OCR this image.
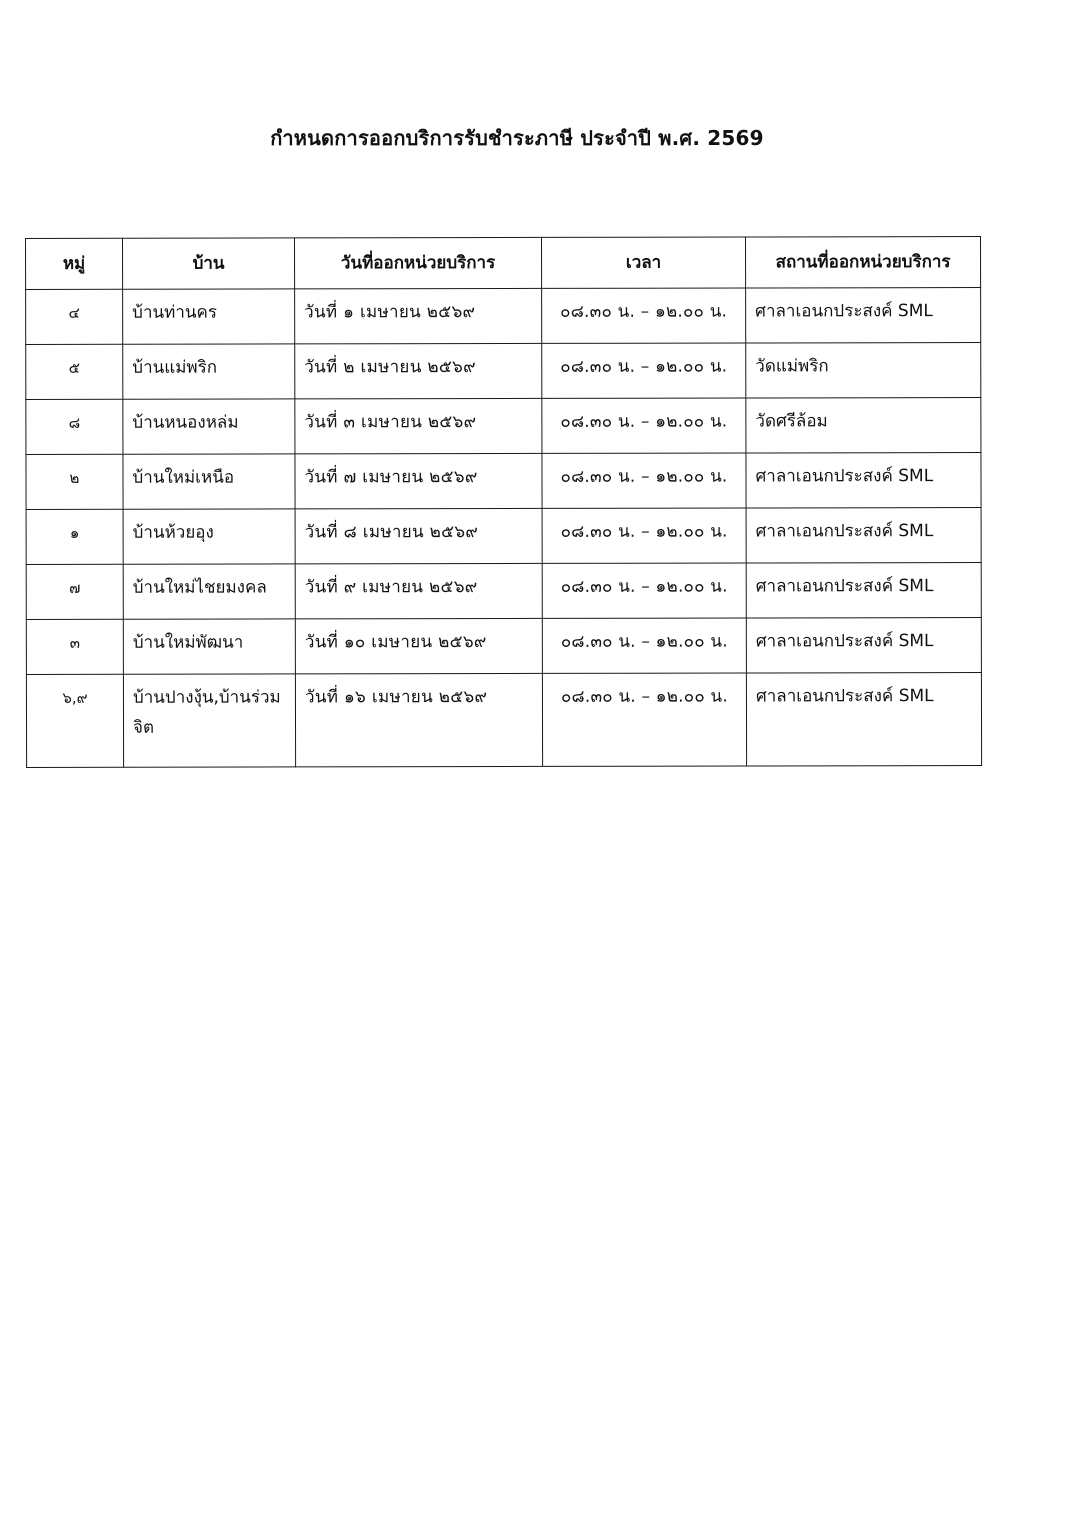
กำหนดการออกบริการรับชำระภาษี ประจำปี พ.ศ. 2569
หมู่	บ้าน	วันที่ออกหน่วยบริการ	เวลา	สถานที่ออกหน่วยบริการ
๔	บ้านท่านคร	วันที่ ๑ เมษายน ๒๕๖๙	๐๘.๓๐ น. – ๑๒.๐๐ น.	ศาลาเอนกประสงค์ SML
๕	บ้านแม่พริก	วันที่ ๒ เมษายน ๒๕๖๙	๐๘.๓๐ น. – ๑๒.๐๐ น.	วัดแม่พริก
๘	บ้านหนองหล่ม	วันที่ ๓ เมษายน ๒๕๖๙	๐๘.๓๐ น. – ๑๒.๐๐ น.	วัดศรีล้อม
๒	บ้านใหม่เหนือ	วันที่ ๗ เมษายน ๒๕๖๙	๐๘.๓๐ น. – ๑๒.๐๐ น.	ศาลาเอนกประสงค์ SML
๑	บ้านห้วยอุง	วันที่ ๘ เมษายน ๒๕๖๙	๐๘.๓๐ น. – ๑๒.๐๐ น.	ศาลาเอนกประสงค์ SML
๗	บ้านใหม่ไชยมงคล	วันที่ ๙ เมษายน ๒๕๖๙	๐๘.๓๐ น. – ๑๒.๐๐ น.	ศาลาเอนกประสงค์ SML
๓	บ้านใหม่พัฒนา	วันที่ ๑๐ เมษายน ๒๕๖๙	๐๘.๓๐ น. – ๑๒.๐๐ น.	ศาลาเอนกประสงค์ SML
๖,๙	บ้านปางงุ้น,บ้านร่วมจิต	วันที่ ๑๖ เมษายน ๒๕๖๙	๐๘.๓๐ น. – ๑๒.๐๐ น.	ศาลาเอนกประสงค์ SML
